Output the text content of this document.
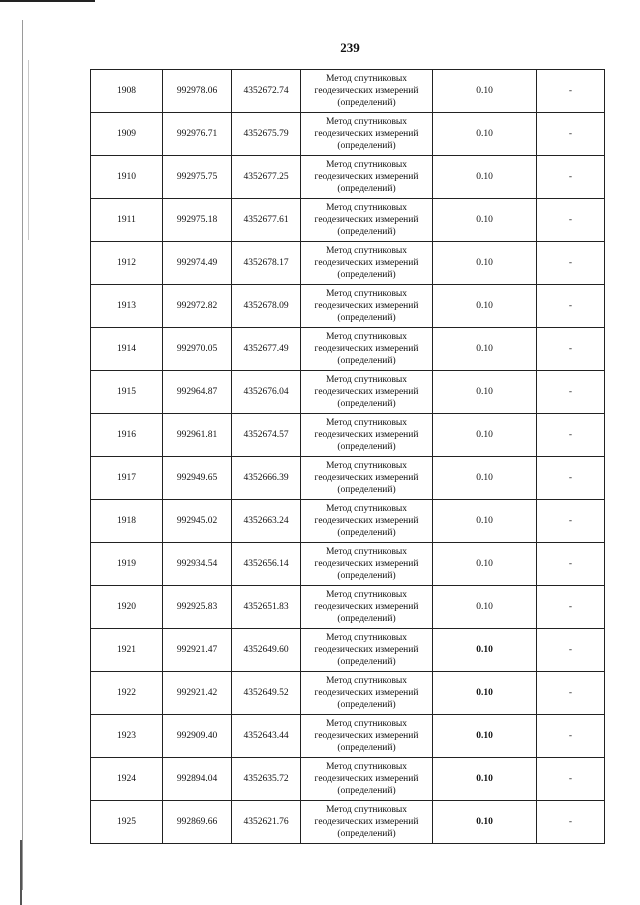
239
1908	992978.06	4352672.74	Метод спутниковых
геодезических измерений
(определений)	0.10	-
1909	992976.71	4352675.79	Метод спутниковых
геодезических измерений
(определений)	0.10	-
1910	992975.75	4352677.25	Метод спутниковых
геодезических измерений
(определений)	0.10	-
1911	992975.18	4352677.61	Метод спутниковых
геодезических измерений
(определений)	0.10	-
1912	992974.49	4352678.17	Метод спутниковых
геодезических измерений
(определений)	0.10	-
1913	992972.82	4352678.09	Метод спутниковых
геодезических измерений
(определений)	0.10	-
1914	992970.05	4352677.49	Метод спутниковых
геодезических измерений
(определений)	0.10	-
1915	992964.87	4352676.04	Метод спутниковых
геодезических измерений
(определений)	0.10	-
1916	992961.81	4352674.57	Метод спутниковых
геодезических измерений
(определений)	0.10	-
1917	992949.65	4352666.39	Метод спутниковых
геодезических измерений
(определений)	0.10	-
1918	992945.02	4352663.24	Метод спутниковых
геодезических измерений
(определений)	0.10	-
1919	992934.54	4352656.14	Метод спутниковых
геодезических измерений
(определений)	0.10	-
1920	992925.83	4352651.83	Метод спутниковых
геодезических измерений
(определений)	0.10	-
1921	992921.47	4352649.60	Метод спутниковых
геодезических измерений
(определений)	0.10	-
1922	992921.42	4352649.52	Метод спутниковых
геодезических измерений
(определений)	0.10	-
1923	992909.40	4352643.44	Метод спутниковых
геодезических измерений
(определений)	0.10	-
1924	992894.04	4352635.72	Метод спутниковых
геодезических измерений
(определений)	0.10	-
1925	992869.66	4352621.76	Метод спутниковых
геодезических измерений
(определений)	0.10	-
